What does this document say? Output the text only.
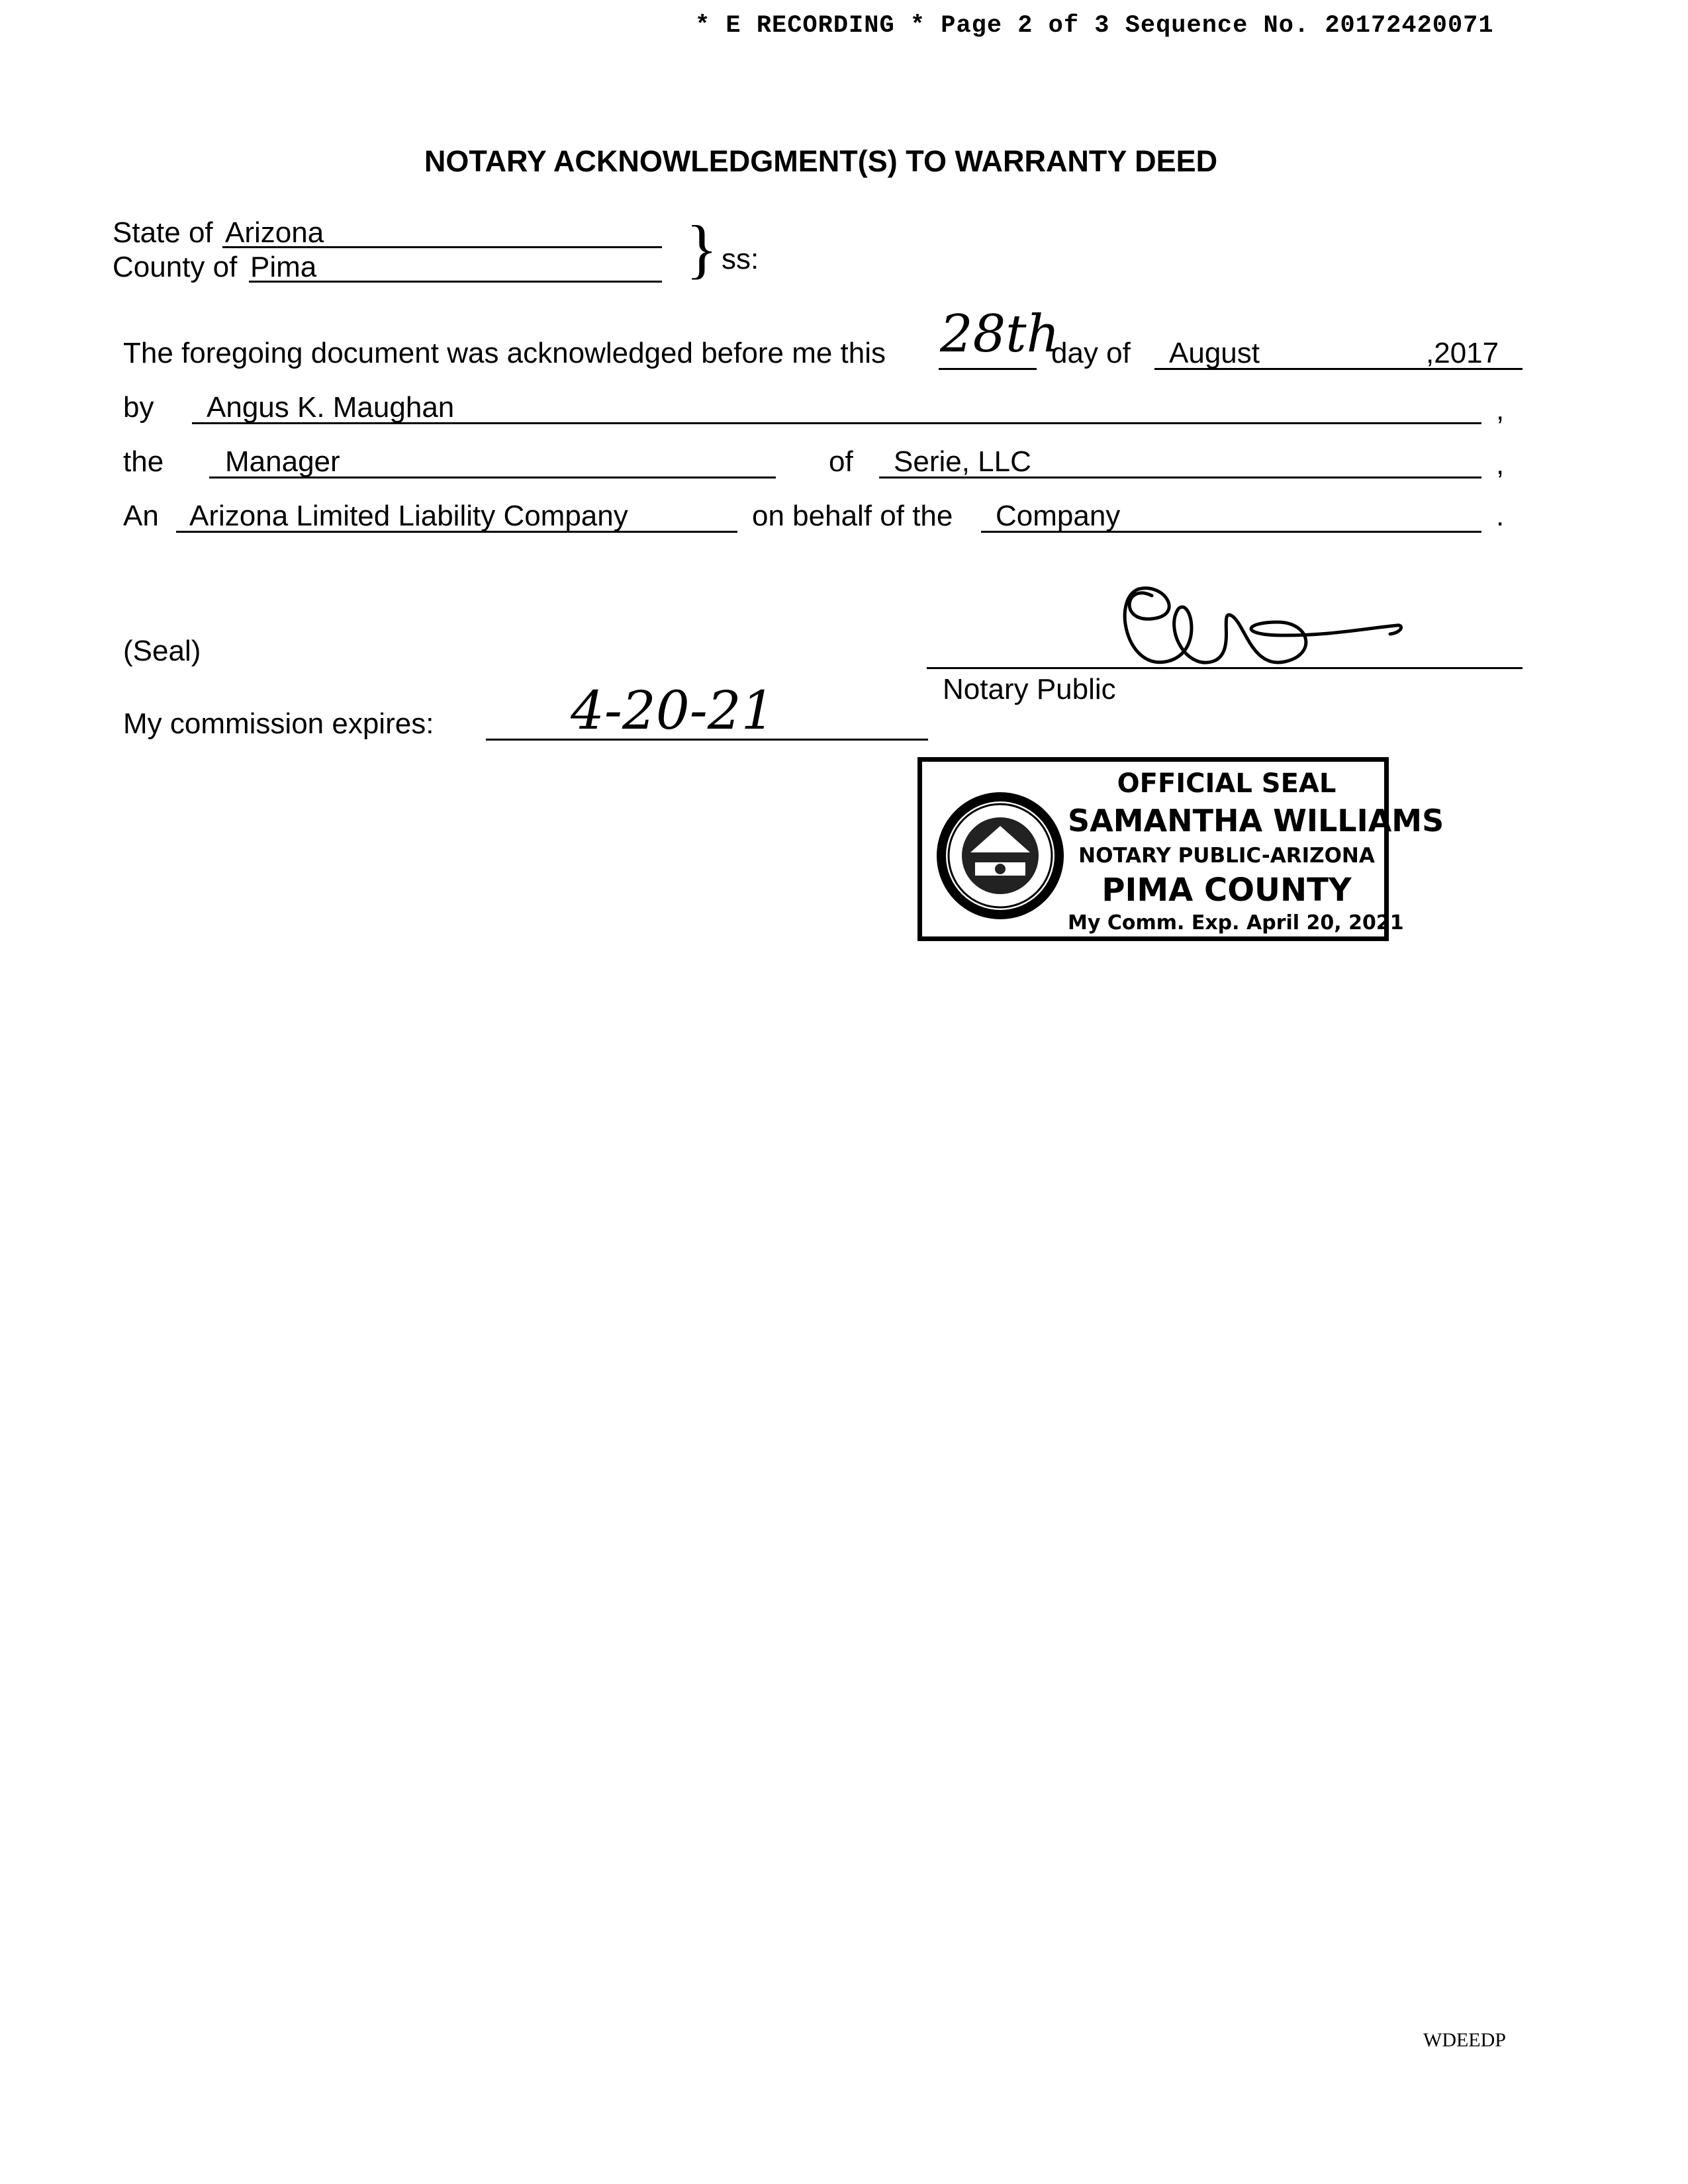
* E RECORDING * Page 2 of 3 Sequence No. 20172420071
NOTARY ACKNOWLEDGMENT(S) TO WARRANTY DEED
State of Arizona
County of Pima	} ss:
The foregoing document was acknowledged before me this 28th
day of August	,2017
by Angus K. Maughan	,
the Manager	of Serie, LLC	,
An Arizona Limited Liability Company	on behalf of the Company	.
(Seal)
Notary Public
My commission expires:	4-20-21
OFFICIAL SEAL
SAMANTHA WILLIAMS
NOTARY PUBLIC-ARIZONA
PIMA COUNTY
My Comm. Exp. April 20, 2021
WDEEDP
